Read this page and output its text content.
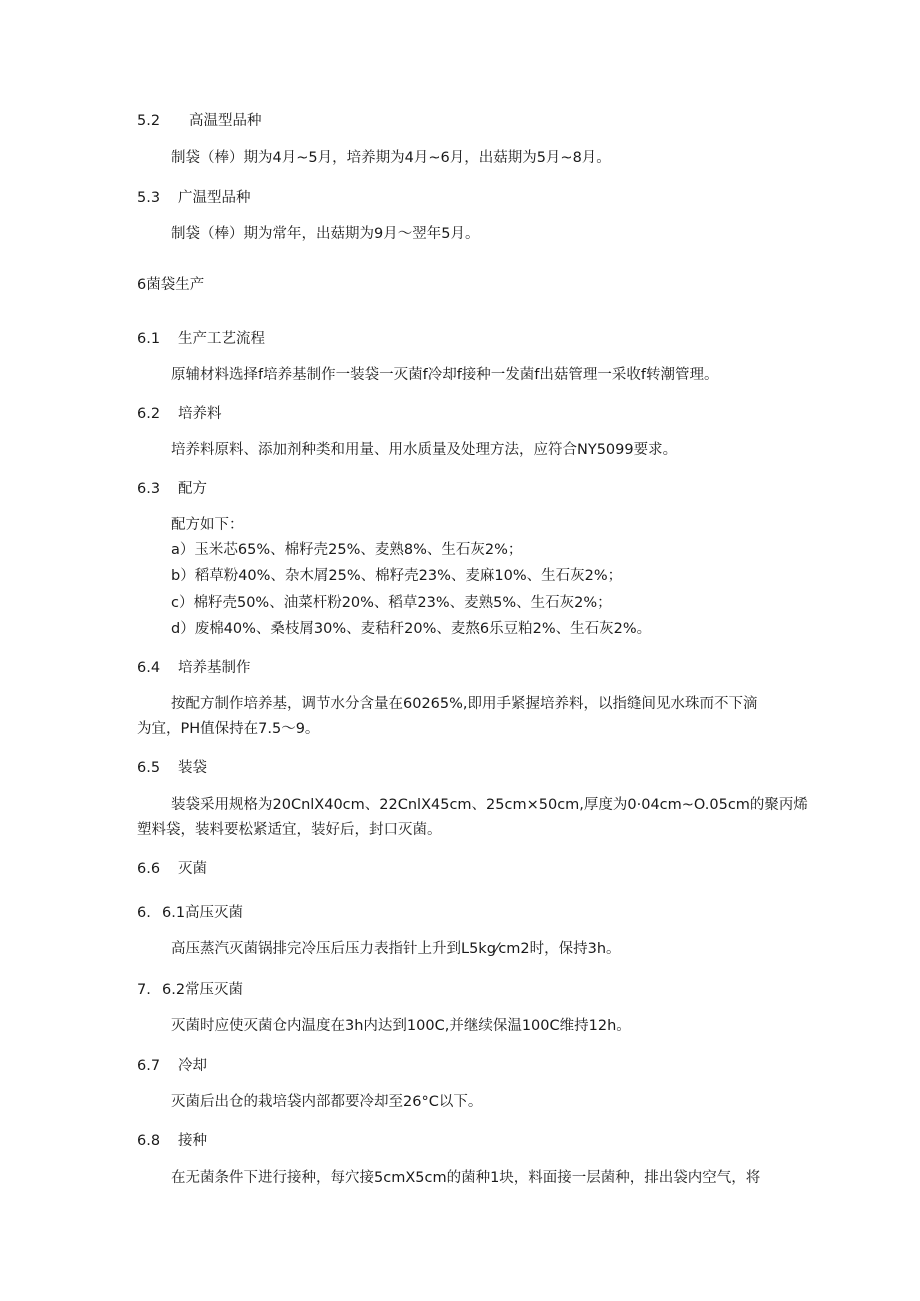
5.2 高温型品种
制袋（棒）期为4月~5月，培养期为4月~6月，出菇期为5月~8月。
5.3 广温型品种
制袋（棒）期为常年，出菇期为9月～翌年5月。
6菌袋生产
6.1 生产工艺流程
原辅材料选择f培养基制作一装袋一灭菌f冷却f接种一发菌f出菇管理一采收f转潮管理。
6.2 培养料
培养料原料、添加剂种类和用量、用水质量及处理方法，应符合NY5099要求。
6.3 配方
配方如下：
a）玉米芯65%、棉籽壳25%、麦熟8%、生石灰2%；
b）稻草粉40%、杂木屑25%、棉籽壳23%、麦麻10%、生石灰2%；
c）棉籽壳50%、油菜杆粉20%、稻草23%、麦熟5%、生石灰2%；
d）废棉40%、桑枝屑30%、麦秸秆20%、麦熬6乐豆粕2%、生石灰2%。
6.4 培养基制作
按配方制作培养基，调节水分含量在60265%,即用手紧握培养料，以指缝间见水珠而不下滴
为宜，PH值保持在7.5～9。
6.5 装袋
装袋采用规格为20CnlX40cm、22CnlX45cm、25cm×50cm,厚度为0·04cm~O.05cm的聚丙烯
塑料袋，装料要松紧适宜，装好后，封口灭菌。
6.6 灭菌
6. 6.1高压灭菌
高压蒸汽灭菌锅排完冷压后压力表指针上升到L5kg⁄cm2时，保持3h。
7. 6.2常压灭菌
灭菌时应使灭菌仓内温度在3h内达到100C,并继续保温100C维持12h。
6.7 冷却
灭菌后出仓的栽培袋内部都要冷却至26°C以下。
6.8 接种
在无菌条件下进行接种，每穴接5cmX5cm的菌种1块，料面接一层菌种，排出袋内空气，将
